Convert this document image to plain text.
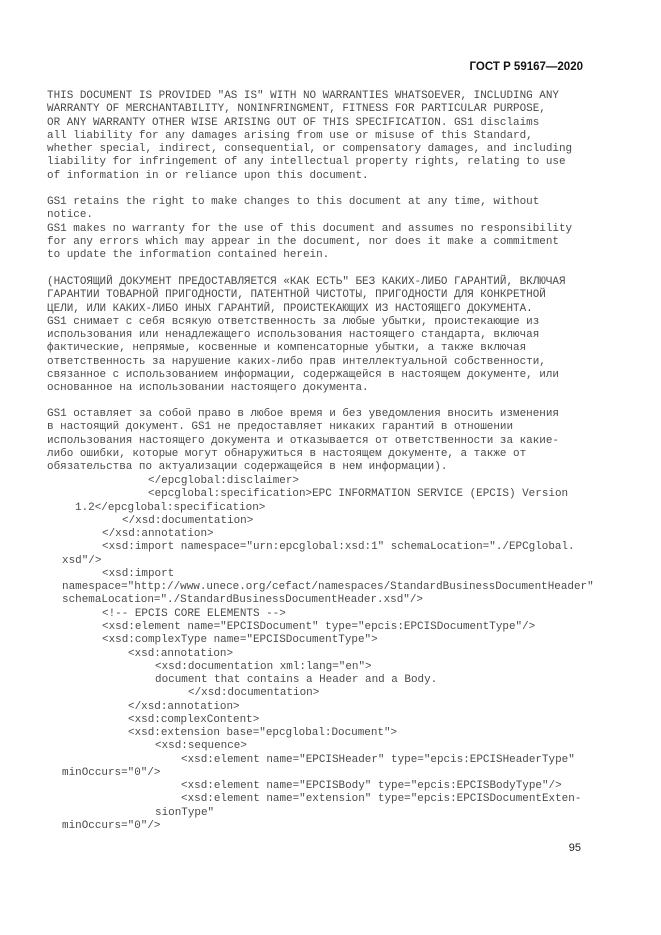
ГОСТ Р 59167—2020
THIS DOCUMENT IS PROVIDED "AS IS" WITH NO WARRANTIES WHATSOEVER, INCLUDING ANY
WARRANTY OF MERCHANTABILITY, NONINFRINGMENT, FITNESS FOR PARTICULAR PURPOSE,
OR ANY WARRANTY OTHER WISE ARISING OUT OF THIS SPECIFICATION. GS1 disclaims
all liability for any damages arising from use or misuse of this Standard,
whether special, indirect, consequential, or compensatory damages, and including
liability for infringement of any intellectual property rights, relating to use
of information in or reliance upon this document.
GS1 retains the right to make changes to this document at any time, without
notice.
GS1 makes no warranty for the use of this document and assumes no responsibility
for any errors which may appear in the document, nor does it make a commitment
to update the information contained herein.
(НАСТОЯЩИЙ ДОКУМЕНТ ПРЕДОСТАВЛЯЕТСЯ «КАК ЕСТЬ" БЕЗ КАКИХ-ЛИБО ГАРАНТИЙ, ВКЛЮЧАЯ
ГАРАНТИИ ТОВАРНОЙ ПРИГОДНОСТИ, ПАТЕНТНОЙ ЧИСТОТЫ, ПРИГОДНОСТИ ДЛЯ КОНКРЕТНОЙ
ЦЕЛИ, ИЛИ КАКИХ-ЛИБО ИНЫХ ГАРАНТИЙ, ПРОИСТЕКАЮЩИХ ИЗ НАСТОЯЩЕГО ДОКУМЕНТА.
GS1 снимает с себя всякую ответственность за любые убытки, проистекающие из
использования или ненадлежащего использования настоящего стандарта, включая
фактические, непрямые, косвенные и компенсаторные убытки, а также включая
ответственность за нарушение каких-либо прав интеллектуальной собственности,
связанное с использованием информации, содержащейся в настоящем документе, или
основанное на использовании настоящего документа.
GS1 оставляет за собой право в любое время и без уведомления вносить изменения
в настоящий документ. GS1 не предоставляет никаких гарантий в отношении
использования настоящего документа и отказывается от ответственности за какие-
либо ошибки, которые могут обнаружиться в настоящем документе, а также от
обязательства по актуализации содержащейся в нем информации).
</epcglobal:disclaimer>
<epcglobal:specification>EPC INFORMATION SERVICE (EPCIS) Version
1.2</epcglobal:specification>
</xsd:documentation>
</xsd:annotation>
<xsd:import namespace="urn:epcglobal:xsd:1" schemaLocation="./EPCglobal.
xsd"/>
<xsd:import
namespace="http://www.unece.org/cefact/namespaces/StandardBusinessDocumentHeader"
schemaLocation="./StandardBusinessDocumentHeader.xsd"/>
<!-- EPCIS CORE ELEMENTS -->
<xsd:element name="EPCISDocument" type="epcis:EPCISDocumentType"/>
<xsd:complexType name="EPCISDocumentType">
<xsd:annotation>
<xsd:documentation xml:lang="en">
document that contains a Header and a Body.
</xsd:documentation>
</xsd:annotation>
<xsd:complexContent>
<xsd:extension base="epcglobal:Document">
<xsd:sequence>
<xsd:element name="EPCISHeader" type="epcis:EPCISHeaderType"
minOccurs="0"/>
<xsd:element name="EPCISBody" type="epcis:EPCISBodyType"/>
<xsd:element name="extension" type="epcis:EPCISDocumentExten-
sionType"
minOccurs="0"/>
95
